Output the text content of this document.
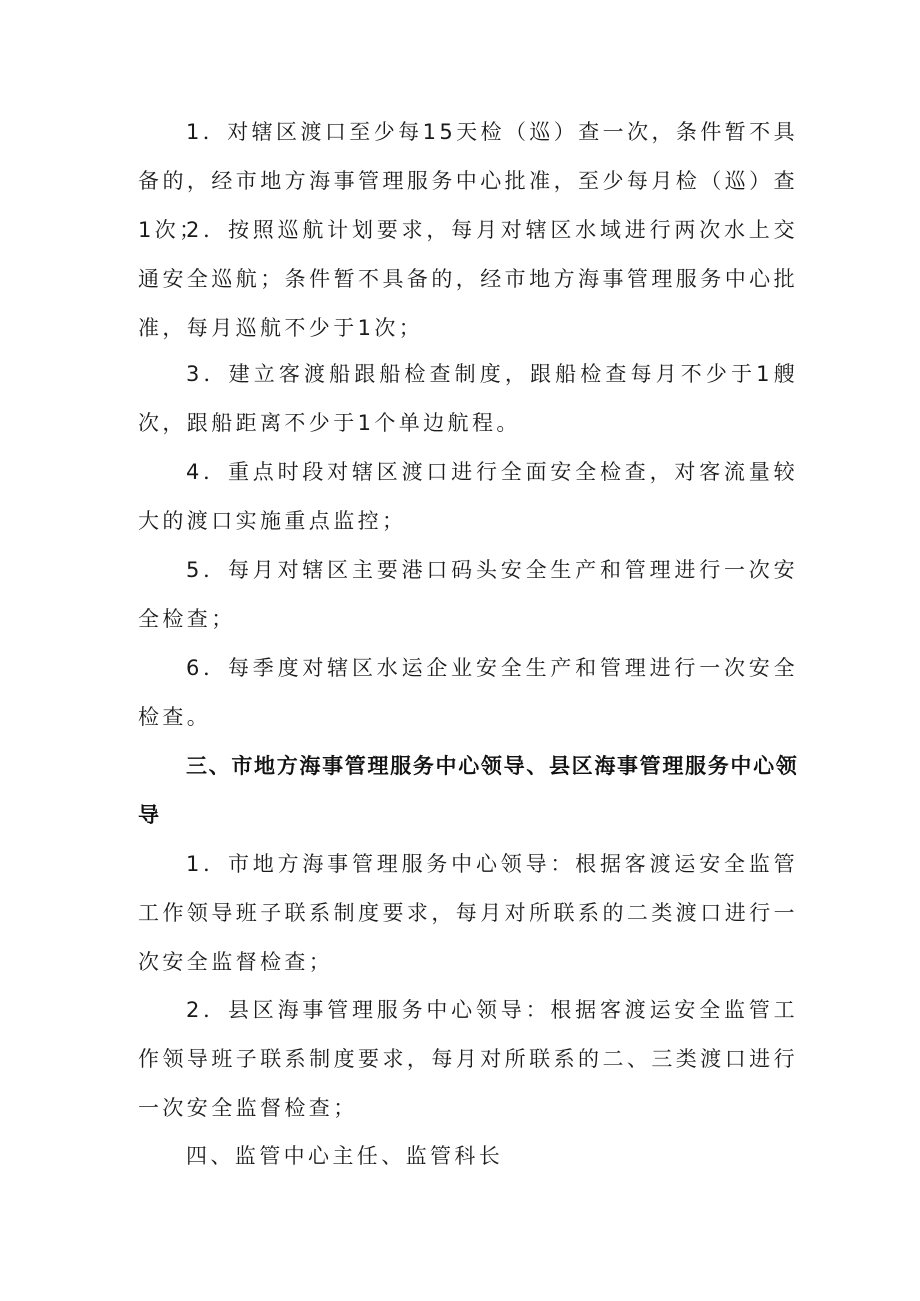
1．对辖区渡口至少每15天检（巡）查一次，条件暂不具备的，经市地方海事管理服务中心批准，至少每月检（巡）查1次；

2．按照巡航计划要求，每月对辖区水域进行两次水上交通安全巡航；条件暂不具备的，经市地方海事管理服务中心批准，每月巡航不少于1次；

3．建立客渡船跟船检查制度，跟船检查每月不少于1艘次，跟船距离不少于1个单边航程。

4．重点时段对辖区渡口进行全面安全检查，对客流量较大的渡口实施重点监控；

5．每月对辖区主要港口码头安全生产和管理进行一次安全检查；

6．每季度对辖区水运企业安全生产和管理进行一次安全检查。

三、市地方海事管理服务中心领导、县区海事管理服务中心领导

1．市地方海事管理服务中心领导：根据客渡运安全监管工作领导班子联系制度要求，每月对所联系的二类渡口进行一次安全监督检查；

2．县区海事管理服务中心领导：根据客渡运安全监管工作领导班子联系制度要求，每月对所联系的二、三类渡口进行一次安全监督检查；

四、监管中心主任、监管科长
